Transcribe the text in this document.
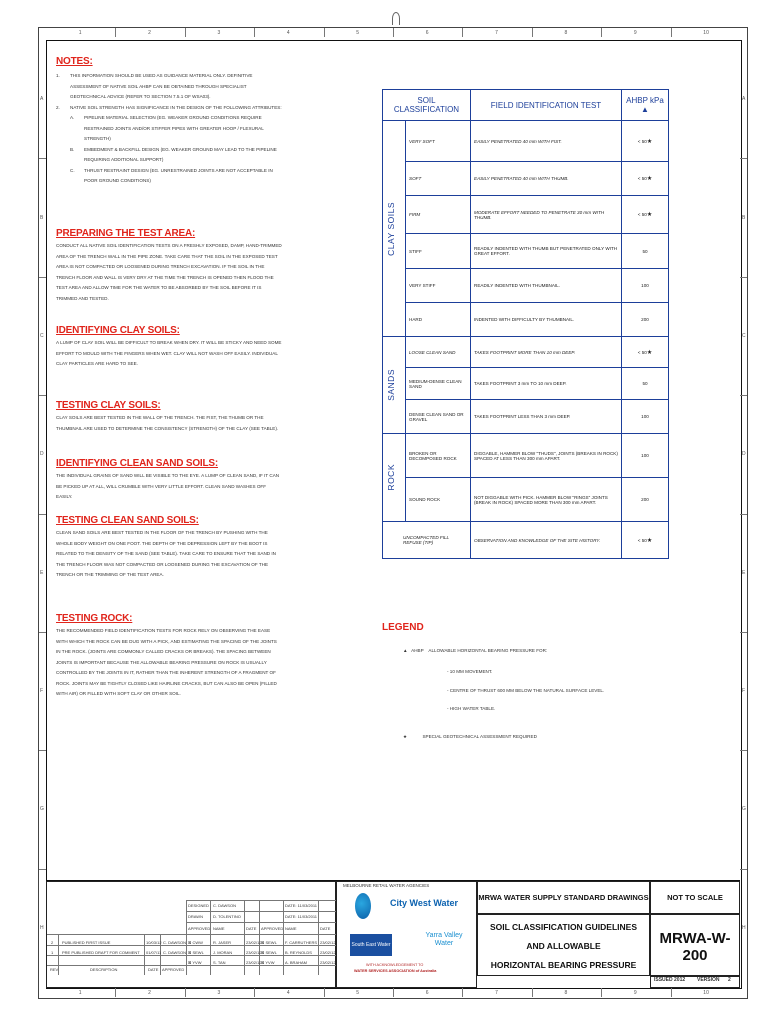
1
1
2
2
3
3
4
4
5
5
6
6
7
7
8
8
9
9
10
10
A	A
B	B
C	C
D	D
E	E
F	F
G	G
H	H

NOTES:

1.	THIS INFORMATION SHOULD BE USED AS GUIDANCE MATERIAL ONLY. DEFINITIVE ASSESSMENT OF NATIVE SOIL AHBP CAN BE OBTAINED THROUGH SPECIALIST GEOTECHNICAL ADVICE (REFER TO SECTION 7.5.1 OF WSA03).
2.	NATIVE SOIL STRENGTH HAS SIGNIFICANCE IN THE DESIGN OF THE FOLLOWING ATTRIBUTES:
A.	PIPELINE MATERIAL SELECTION (EG. WEAKER GROUND CONDITIONS REQUIRE RESTRAINED JOINTS AND/OR STIFFER PIPES WITH GREATER HOOP / FLEXURAL STRENGTH)
B.	EMBEDMENT & BACKFILL DESIGN (EG. WEAKER GROUND MAY LEAD TO THE PIPELINE REQUIRING ADDITIONAL SUPPORT)
C.	THRUST RESTRAINT DESIGN (EG. UNRESTRAINED JOINTS ARE NOT ACCEPTABLE IN POOR GROUND CONDITIONS)

PREPARING THE TEST AREA:

CONDUCT ALL NATIVE SOIL IDENTIFICATION TESTS ON A FRESHLY EXPOSED, DAMP, HAND-TRIMMED AREA OF THE TRENCH WALL IN THE PIPE ZONE. TAKE CARE THAT THE SOIL IN THE EXPOSED TEST AREA IS NOT COMPACTED OR LOOSENED DURING TRENCH EXCAVATION. IF THE SOIL IN THE TRENCH FLOOR AND WALL IS VERY DRY AT THE TIME THE TRENCH IS OPENED THEN FLOOD THE TEST AREA AND ALLOW TIME FOR THE WATER TO BE ABSORBED BY THE SOIL BEFORE IT IS TRIMMED AND TESTED.

IDENTIFYING CLAY SOILS:

A LUMP OF CLAY SOIL WILL BE DIFFICULT TO BREAK WHEN DRY. IT WILL BE STICKY AND NEED SOME EFFORT TO MOULD WITH THE FINGERS WHEN WET. CLAY WILL NOT WASH OFF EASILY. INDIVIDUAL CLAY PARTICLES ARE HARD TO SEE.

TESTING CLAY SOILS:

CLAY SOILS ARE BEST TESTED IN THE WALL OF THE TRENCH. THE FIST, THE THUMB OR THE THUMBNAIL ARE USED TO DETERMINE THE CONSISTENCY (STRENGTH) OF THE CLAY (SEE TABLE).

IDENTIFYING CLEAN SAND SOILS:

THE INDIVIDUAL GRAINS OF SAND WILL BE VISIBLE TO THE EYE. A LUMP OF CLEAN SAND, IF IT CAN BE PICKED UP AT ALL, WILL CRUMBLE WITH VERY LITTLE EFFORT. CLEAN SAND WASHES OFF EASILY.

TESTING CLEAN SAND SOILS:

CLEAN SAND SOILS ARE BEST TESTED IN THE FLOOR OF THE TRENCH BY PUSHING WITH THE WHOLE BODY WEIGHT ON ONE FOOT. THE DEPTH OF THE DEPRESSION LEFT BY THE BOOT IS RELATED TO THE DENSITY OF THE SAND (SEE TABLE). TAKE CARE TO ENSURE THAT THE SAND IN THE TRENCH FLOOR WAS NOT COMPACTED OR LOOSENED DURING THE EXCAVATION OF THE TRENCH OR THE TRIMMING OF THE TEST AREA.

TESTING ROCK:

THE RECOMMENDED FIELD IDENTIFICATION TESTS FOR ROCK RELY ON OBSERVING THE EASE WITH WHICH THE ROCK CAN BE DUG WITH A PICK, AND ESTIMATING THE SPACING OF THE JOINTS IN THE ROCK. (JOINTS ARE COMMONLY CALLED CRACKS OR BREAKS). THE SPACING BETWEEN JOINTS IS IMPORTANT BECAUSE THE ALLOWABLE BEARING PRESSURE ON ROCK IS USUALLY CONTROLLED BY THE JOINTS IN IT, RATHER THAN THE INHERENT STRENGTH OF A FRAGMENT OF ROCK. JOINTS MAY BE TIGHTLY CLOSED LIKE HAIRLINE CRACKS, BUT CAN ALSO BE OPEN (FILLED WITH AIR) OR FILLED WITH SOFT CLAY OR OTHER SOIL.
SOIL CLASSIFICATION		FIELD IDENTIFICATION TEST	AHBP kPa ▲

CLAY SOILS	VERY SOFT	EASILY PENETRATED 40 mm WITH FIST.	< 50★
	SOFT	EASILY PENETRATED 40 mm WITH THUMB.	< 50★
	FIRM	MODERATE EFFORT NEEDED TO PENETRATE 30 mm WITH THUMB.	< 50★
	STIFF	READILY INDENTED WITH THUMB BUT PENETRATED ONLY WITH GREAT EFFORT.	50
	VERY STIFF	READILY INDENTED WITH THUMBNAIL.	100
	HARD	INDENTED WITH DIFFICULTY BY THUMBNAIL.	200

SANDS	LOOSE CLEAN SAND	TAKES FOOTPRINT MORE THAN 10 mm DEEP.	< 50★
	MEDIUM-DENSE CLEAN SAND	TAKES FOOTPRINT 3 mm TO 10 mm DEEP.	50
	DENSE CLEAN SAND OR GRAVEL	TAKES FOOTPRINT LESS THAN 3 mm DEEP.	100

ROCK	BROKEN OR DECOMPOSED ROCK	DIGGABLE, HAMMER BLOW "THUDS", JOINTS (BREAKS IN ROCK) SPACED AT LESS THAN 300 mm APART.	100
	SOUND ROCK	NOT DIGGABLE WITH PICK. HAMMER BLOW "RINGS" JOINTS (BREAK IN ROCK) SPACED MORE THAN 300 mm APART.	200
UNCOMPACTED FILL REFUSE (TIP)		OBSERVATION AND KNOWLEDGE OF THE SITE HISTORY.	< 50★
LEGEND
▲   AHBP ALLOWABLE HORIZONTAL BEARING PRESSURE FOR:
- 10 MM MOVEMENT.
- CENTRE OF THRUST 600 MM BELOW THE NATURAL SURFACE LEVEL.
- HIGH WATER TABLE.
★            SPECIAL GEOTECHNICAL ASSESSMENT REQUIRED
DESIGNED C. DAWSON	DATE: 11/03/2011
DRAWN	D. TOLENTINO	DATE: 11/03/2011
APPROVED NAME	DATE APPROVED NAME	DATE
2 PUBLISHED FIRST ISSUE	10/03/12 C. DAWSON ⊠ CWW	R. JASER	23/02/12 ⊠ SEWL F. CARRUTHERS 23/02/12
1 PRE PUBLISHED DRAFT FOR COMMENT 01/07/11 C. DAWSON ⊠ SEWL J. MORAN	23/02/12 ⊠ SEWL B. REYNOLDS 23/02/12
⊠ YVW	S. TAN	23/02/12 ⊠ YVW	A. BRAHAM	23/02/12
REV	DESCRIPTION	DATE APPROVED
MELBOURNE RETAIL WATER AGENCIES
City West Water
South East Water
Yarra Valley Water
WITH ACKNOWLEDGEMENT TO
WATER SERVICES ASSOCIATION of Australia
MRWA WATER SUPPLY STANDARD DRAWINGS	NOT TO SCALE
SOIL CLASSIFICATION GUIDELINES
AND ALLOWABLE
HORIZONTAL BEARING PRESSURE
MRWA-W-200
ISSUED 2012 VERSION 2
